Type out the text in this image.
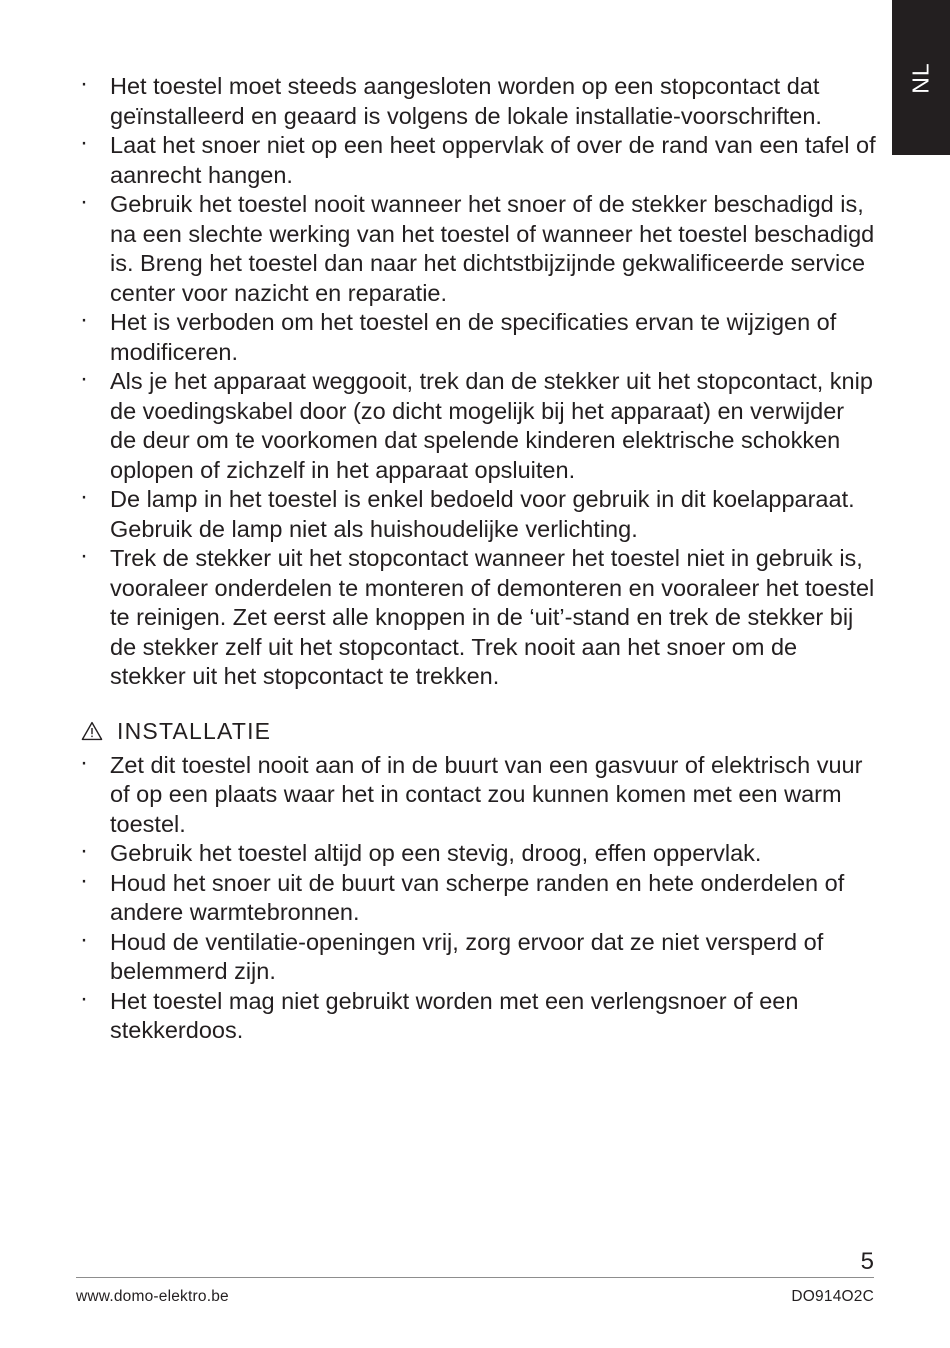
NL
· Het toestel moet steeds aangesloten worden op een stopcontact dat geïnstalleerd en geaard is volgens de lokale installatie-voorschriften.
· Laat het snoer niet op een heet oppervlak of over de rand van een tafel of aanrecht hangen.
· Gebruik het toestel nooit wanneer het snoer of de stekker beschadigd is, na een slechte werking van het toestel of wanneer het toestel beschadigd is. Breng het toestel dan naar het dichtstbijzijnde gekwalificeerde service center voor nazicht en reparatie.
· Het is verboden om het toestel en de specificaties ervan te wijzigen of modificeren.
· Als je het apparaat weggooit, trek dan de stekker uit het stopcontact, knip de voedingskabel door (zo dicht mogelijk bij het apparaat) en verwijder de deur om te voorkomen dat spelende kinderen elektrische schokken oplopen of zichzelf in het apparaat opsluiten.
· De lamp in het toestel is enkel bedoeld voor gebruik in dit koelapparaat. Gebruik de lamp niet als huishoudelijke verlichting.
· Trek de stekker uit het stopcontact wanneer het toestel niet in gebruik is, vooraleer onderdelen te monteren of demonteren en vooraleer het toestel te reinigen. Zet eerst alle knoppen in de ‘uit’-stand en trek de stekker bij de stekker zelf uit het stopcontact. Trek nooit aan het snoer om de stekker uit het stopcontact te trekken.
INSTALLATIE
· Zet dit toestel nooit aan of in de buurt van een gasvuur of elektrisch vuur of op een plaats waar het in contact zou kunnen komen met een warm toestel.
· Gebruik het toestel altijd op een stevig, droog, effen oppervlak.
· Houd het snoer uit de buurt van scherpe randen en hete onderdelen of andere warmtebronnen.
· Houd de ventilatie-openingen vrij, zorg ervoor dat ze niet versperd of belemmerd zijn.
· Het toestel mag niet gebruikt worden met een verlengsnoer of een stekkerdoos.
5
www.domo-elektro.be	DO914O2C
